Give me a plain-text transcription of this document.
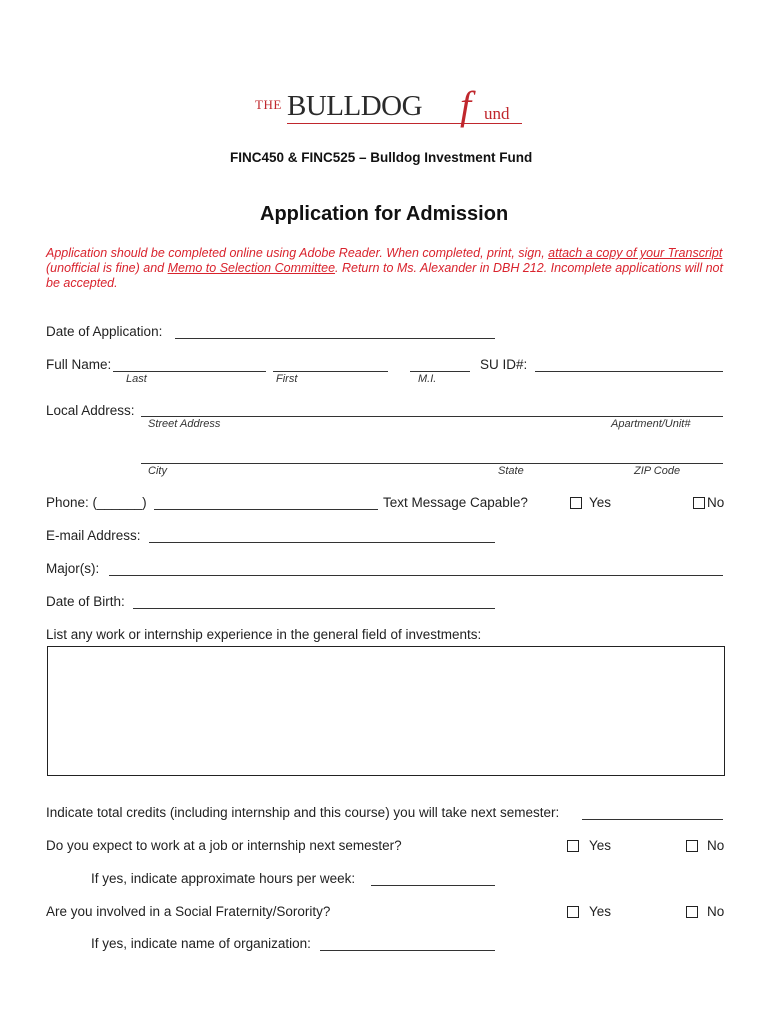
THE BULLDOG f und
FINC450 & FINC525 – Bulldog Investment Fund
Application for Admission
Application should be completed online using Adobe Reader. When completed, print, sign, attach a copy of your Transcript (unofficial is fine) and Memo to Selection Committee. Return to Ms. Alexander in DBH 212. Incomplete applications will not be accepted.
Date of Application:
Full Name:
Last	First	M.I.
SU ID#:
Local Address:
Street Address	Apartment/Unit#
City	State	ZIP Code
Phone: (______)	Text Message Capable?	Yes	No
E-mail Address:
Major(s):
Date of Birth:
List any work or internship experience in the general field of investments:
Indicate total credits (including internship and this course) you will take next semester:
Do you expect to work at a job or internship next semester?	Yes	No
If yes, indicate approximate hours per week:
Are you involved in a Social Fraternity/Sorority?	Yes	No
If yes, indicate name of organization:
